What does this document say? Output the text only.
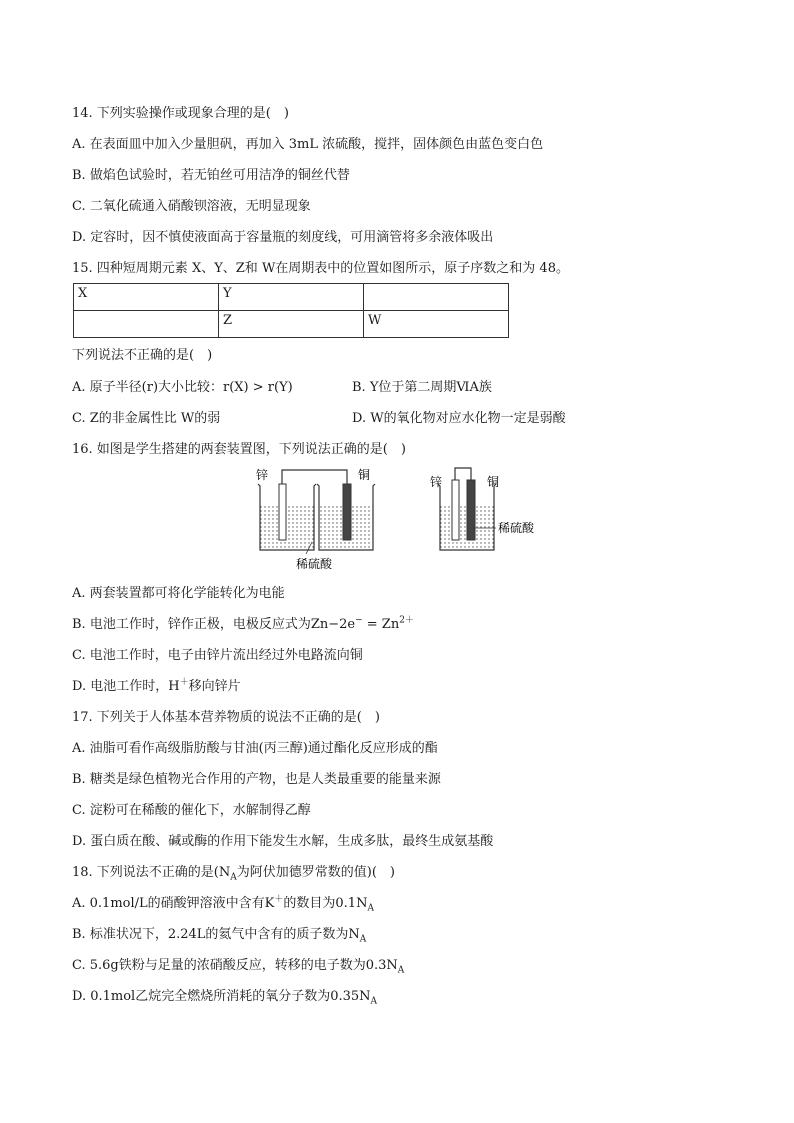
14. 下列实验操作或现象合理的是(　)
A. 在表面皿中加入少量胆矾，再加入 3mL 浓硫酸，搅拌，固体颜色由蓝色变白色
B. 做焰色试验时，若无铂丝可用洁净的铜丝代替
C. 二氧化硫通入硝酸钡溶液，无明显现象
D. 定容时，因不慎使液面高于容量瓶的刻度线，可用滴管将多余液体吸出
15. 四种短周期元素 X、Y、Z和 W在周期表中的位置如图所示，原子序数之和为 48。
X	Y	
	Z	W
下列说法不正确的是(　)
A. 原子半径(r)大小比较：r(X) > r(Y)	B. Y位于第二周期ⅥA族
C. Z的非金属性比 W的弱	D. W的氧化物对应水化物一定是弱酸
16. 如图是学生搭建的两套装置图，下列说法正确的是(　)
锌	铜
稀硫酸
锌	铜
稀硫酸
A. 两套装置都可将化学能转化为电能
B. 电池工作时，锌作正极，电极反应式为$Zn-2e^- = Zn^{2+}$
C. 电池工作时，电子由锌片流出经过外电路流向铜
D. 电池工作时，H＋移向锌片
17. 下列关于人体基本营养物质的说法不正确的是(　)
A. 油脂可看作高级脂肪酸与甘油(丙三醇)通过酯化反应形成的酯
B. 糖类是绿色植物光合作用的产物，也是人类最重要的能量来源
C. 淀粉可在稀酸的催化下，水解制得乙醇
D. 蛋白质在酸、碱或酶的作用下能发生水解，生成多肽，最终生成氨基酸
18. 下列说法不正确的是($N_A$为阿伏加德罗常数的值)(　)
A. 0.1mol/L的硝酸钾溶液中含有K＋的数目为$0.1N_A$
B. 标准状况下，2.24L的氦气中含有的质子数为$N_A$
C. 5.6g铁粉与足量的浓硝酸反应，转移的电子数为$0.3N_A$
D. 0.1mol乙烷完全燃烧所消耗的氧分子数为$0.35N_A$
